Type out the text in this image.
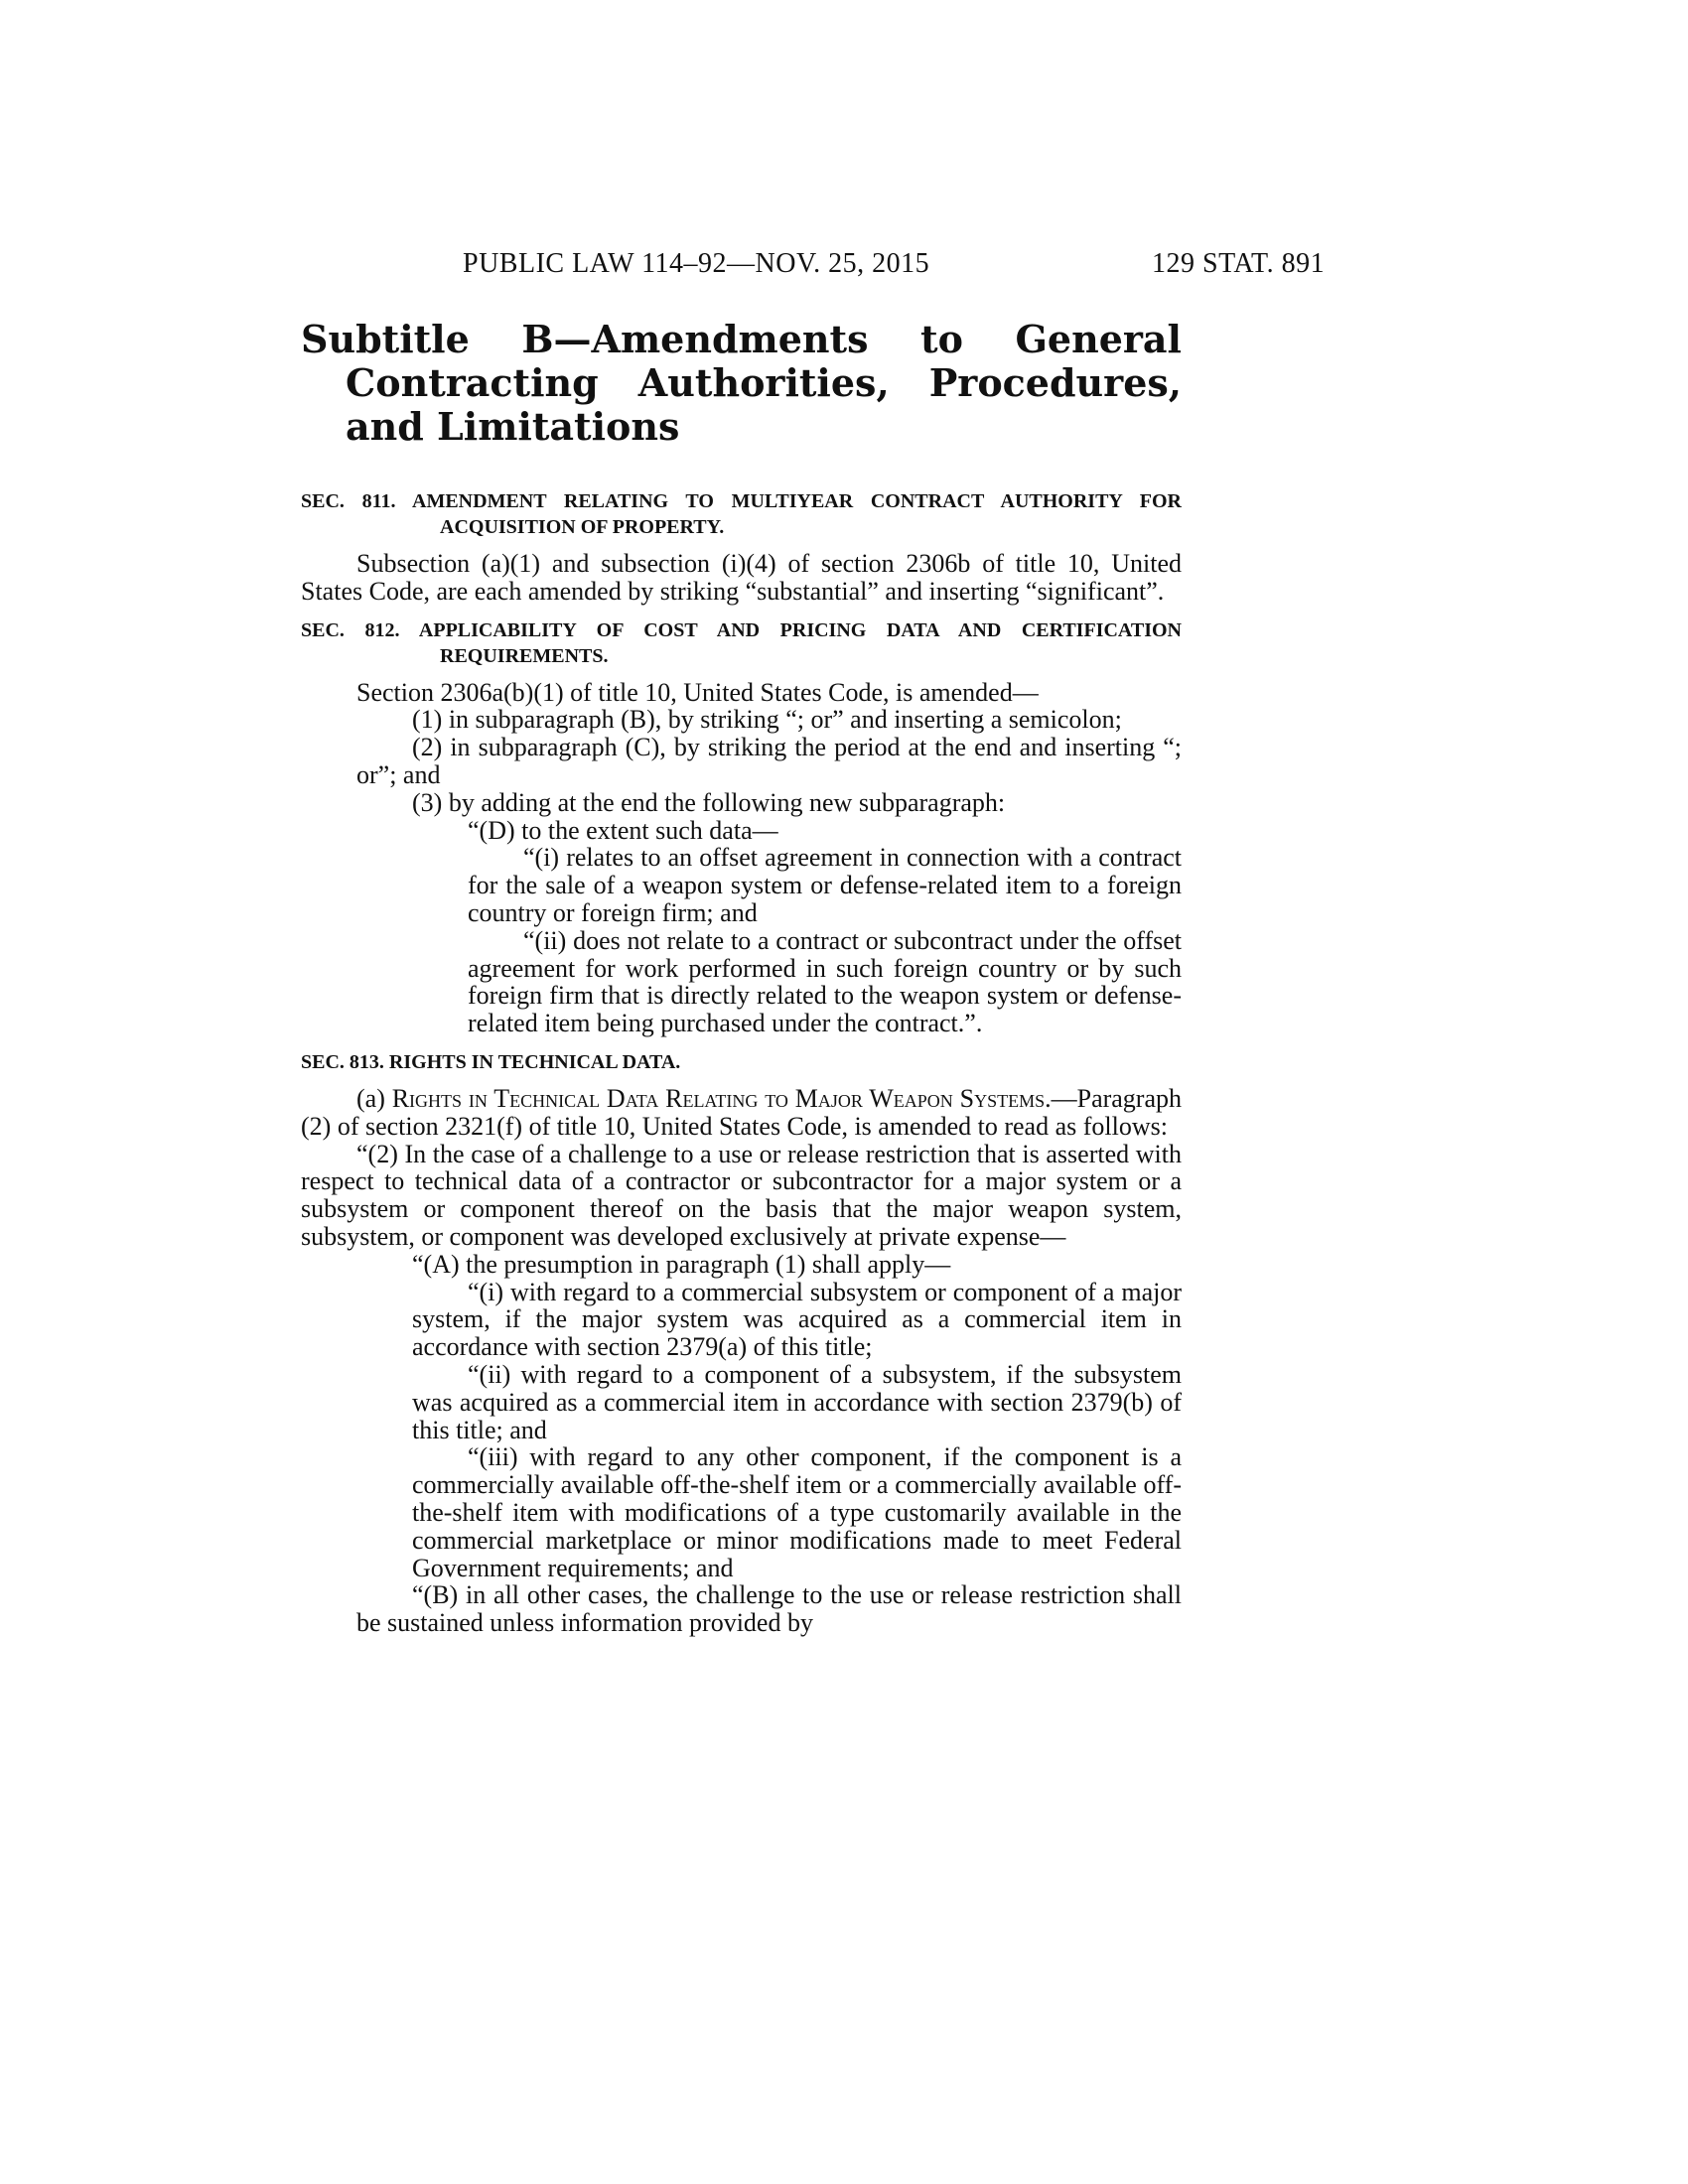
PUBLIC LAW 114–92—NOV. 25, 2015	129 STAT. 891
Subtitle B—Amendments to General Contracting Authorities, Procedures, and Limitations
SEC. 811. AMENDMENT RELATING TO MULTIYEAR CONTRACT AUTHORITY FOR ACQUISITION OF PROPERTY.

Subsection (a)(1) and subsection (i)(4) of section 2306b of title 10, United States Code, are each amended by striking “substantial” and inserting “significant”.

SEC. 812. APPLICABILITY OF COST AND PRICING DATA AND CERTIFICATION REQUIREMENTS.

Section 2306a(b)(1) of title 10, United States Code, is amended—

(1) in subparagraph (B), by striking “; or” and inserting a semicolon;

(2) in subparagraph (C), by striking the period at the end and inserting “; or”; and

(3) by adding at the end the following new subparagraph:

“(D) to the extent such data—

“(i) relates to an offset agreement in connection with a contract for the sale of a weapon system or defense-related item to a foreign country or foreign firm; and

“(ii) does not relate to a contract or subcontract under the offset agreement for work performed in such foreign country or by such foreign firm that is directly related to the weapon system or defense-related item being purchased under the contract.”.

SEC. 813. RIGHTS IN TECHNICAL DATA.

(a) Rights in Technical Data Relating to Major Weapon Systems.—Paragraph (2) of section 2321(f) of title 10, United States Code, is amended to read as follows:

“(2) In the case of a challenge to a use or release restriction that is asserted with respect to technical data of a contractor or subcontractor for a major system or a subsystem or component thereof on the basis that the major weapon system, subsystem, or component was developed exclusively at private expense—

“(A) the presumption in paragraph (1) shall apply—

“(i) with regard to a commercial subsystem or component of a major system, if the major system was acquired as a commercial item in accordance with section 2379(a) of this title;

“(ii) with regard to a component of a subsystem, if the subsystem was acquired as a commercial item in accordance with section 2379(b) of this title; and

“(iii) with regard to any other component, if the component is a commercially available off-the-shelf item or a commercially available off-the-shelf item with modifications of a type customarily available in the commercial marketplace or minor modifications made to meet Federal Government requirements; and

“(B) in all other cases, the challenge to the use or release restriction shall be sustained unless information provided by
